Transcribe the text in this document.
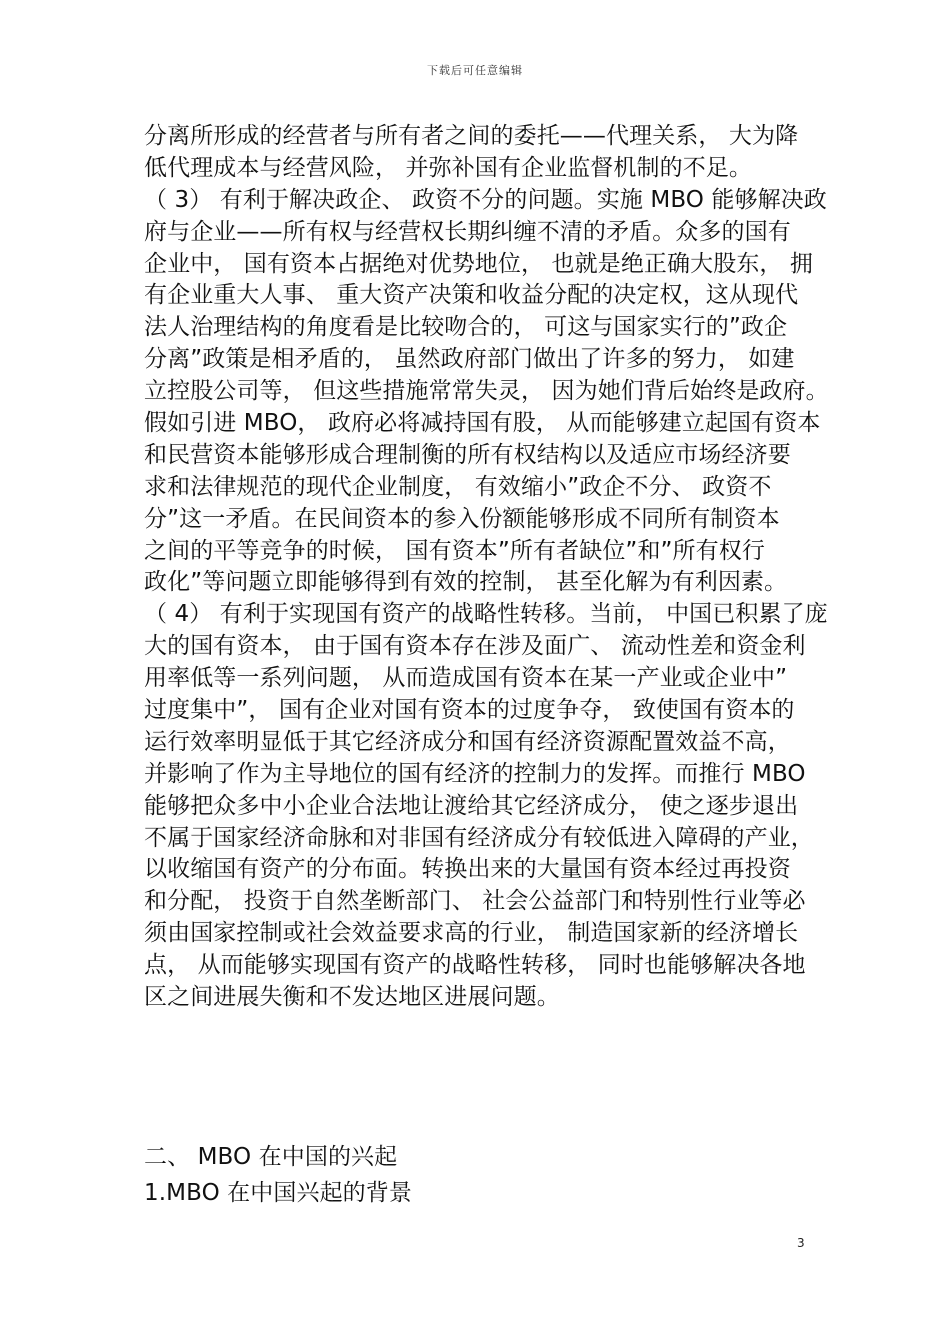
下载后可任意编辑
分离所形成的经营者与所有者之间的委托——代理关系， 大为降
低代理成本与经营风险， 并弥补国有企业监督机制的不足。
（ 3） 有利于解决政企、 政资不分的问题。实施 MBO 能够解决政
府与企业——所有权与经营权长期纠缠不清的矛盾。众多的国有
企业中， 国有资本占据绝对优势地位， 也就是绝正确大股东， 拥
有企业重大人事、 重大资产决策和收益分配的决定权，这从现代
法人治理结构的角度看是比较吻合的， 可这与国家实行的”政企
分离”政策是相矛盾的， 虽然政府部门做出了许多的努力， 如建
立控股公司等， 但这些措施常常失灵， 因为她们背后始终是政府。
假如引进 MBO， 政府必将减持国有股， 从而能够建立起国有资本
和民营资本能够形成合理制衡的所有权结构以及适应市场经济要
求和法律规范的现代企业制度， 有效缩小”政企不分、 政资不
分”这一矛盾。在民间资本的参入份额能够形成不同所有制资本
之间的平等竞争的时候， 国有资本”所有者缺位”和”所有权行
政化”等问题立即能够得到有效的控制， 甚至化解为有利因素。
（ 4） 有利于实现国有资产的战略性转移。当前， 中国已积累了庞
大的国有资本， 由于国有资本存在涉及面广、 流动性差和资金利
用率低等一系列问题， 从而造成国有资本在某一产业或企业中”
过度集中”， 国有企业对国有资本的过度争夺， 致使国有资本的
运行效率明显低于其它经济成分和国有经济资源配置效益不高，
并影响了作为主导地位的国有经济的控制力的发挥。而推行 MBO
能够把众多中小企业合法地让渡给其它经济成分， 使之逐步退出
不属于国家经济命脉和对非国有经济成分有较低进入障碍的产业，
以收缩国有资产的分布面。转换出来的大量国有资本经过再投资
和分配， 投资于自然垄断部门、 社会公益部门和特别性行业等必
须由国家控制或社会效益要求高的行业， 制造国家新的经济增长
点， 从而能够实现国有资产的战略性转移， 同时也能够解决各地
区之间进展失衡和不发达地区进展问题。
二、 MBO 在中国的兴起
1.MBO 在中国兴起的背景
3
